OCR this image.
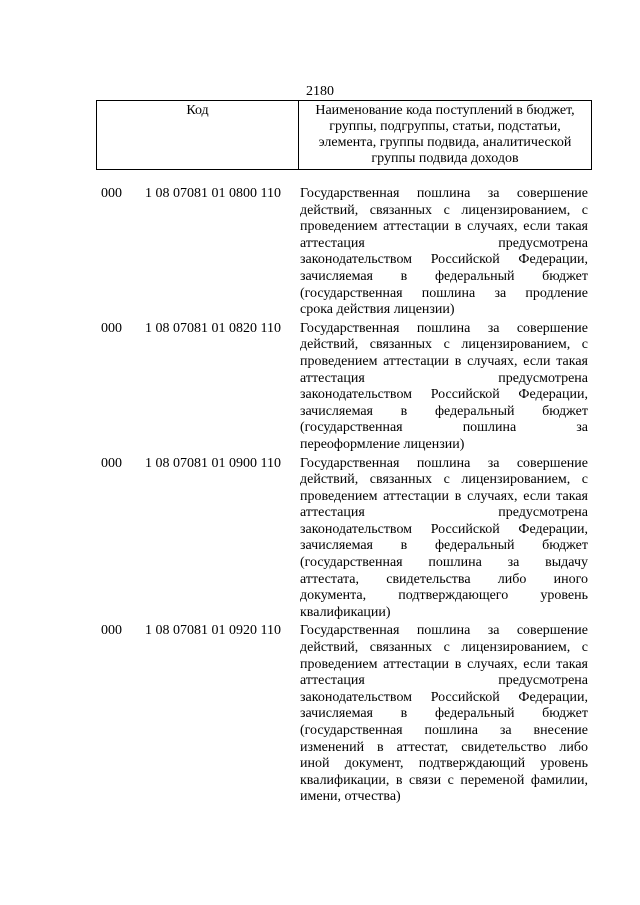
2180
Код	Наименование кода поступлений в бюджет, группы, подгруппы, статьи, подстатьи, элемента, группы подвида, аналитической группы подвида доходов
000 1 08 07081 01 0800 110 Государственная пошлина за совершение
действий, связанных с лицензированием, с
проведением аттестации в случаях, если такая
аттестация предусмотрена
законодательством Российской Федерации,
зачисляемая в федеральный бюджет
(государственная пошлина за продление
срока действия лицензии)
000 1 08 07081 01 0820 110 Государственная пошлина за совершение
действий, связанных с лицензированием, с
проведением аттестации в случаях, если такая
аттестация предусмотрена
законодательством Российской Федерации,
зачисляемая в федеральный бюджет
(государственная пошлина за
переоформление лицензии)
000 1 08 07081 01 0900 110 Государственная пошлина за совершение
действий, связанных с лицензированием, с
проведением аттестации в случаях, если такая
аттестация предусмотрена
законодательством Российской Федерации,
зачисляемая в федеральный бюджет
(государственная пошлина за выдачу
аттестата, свидетельства либо иного
документа, подтверждающего уровень
квалификации)
000 1 08 07081 01 0920 110 Государственная пошлина за совершение
действий, связанных с лицензированием, с
проведением аттестации в случаях, если такая
аттестация предусмотрена
законодательством Российской Федерации,
зачисляемая в федеральный бюджет
(государственная пошлина за внесение
изменений в аттестат, свидетельство либо
иной документ, подтверждающий уровень
квалификации, в связи с переменой фамилии,
имени, отчества)
